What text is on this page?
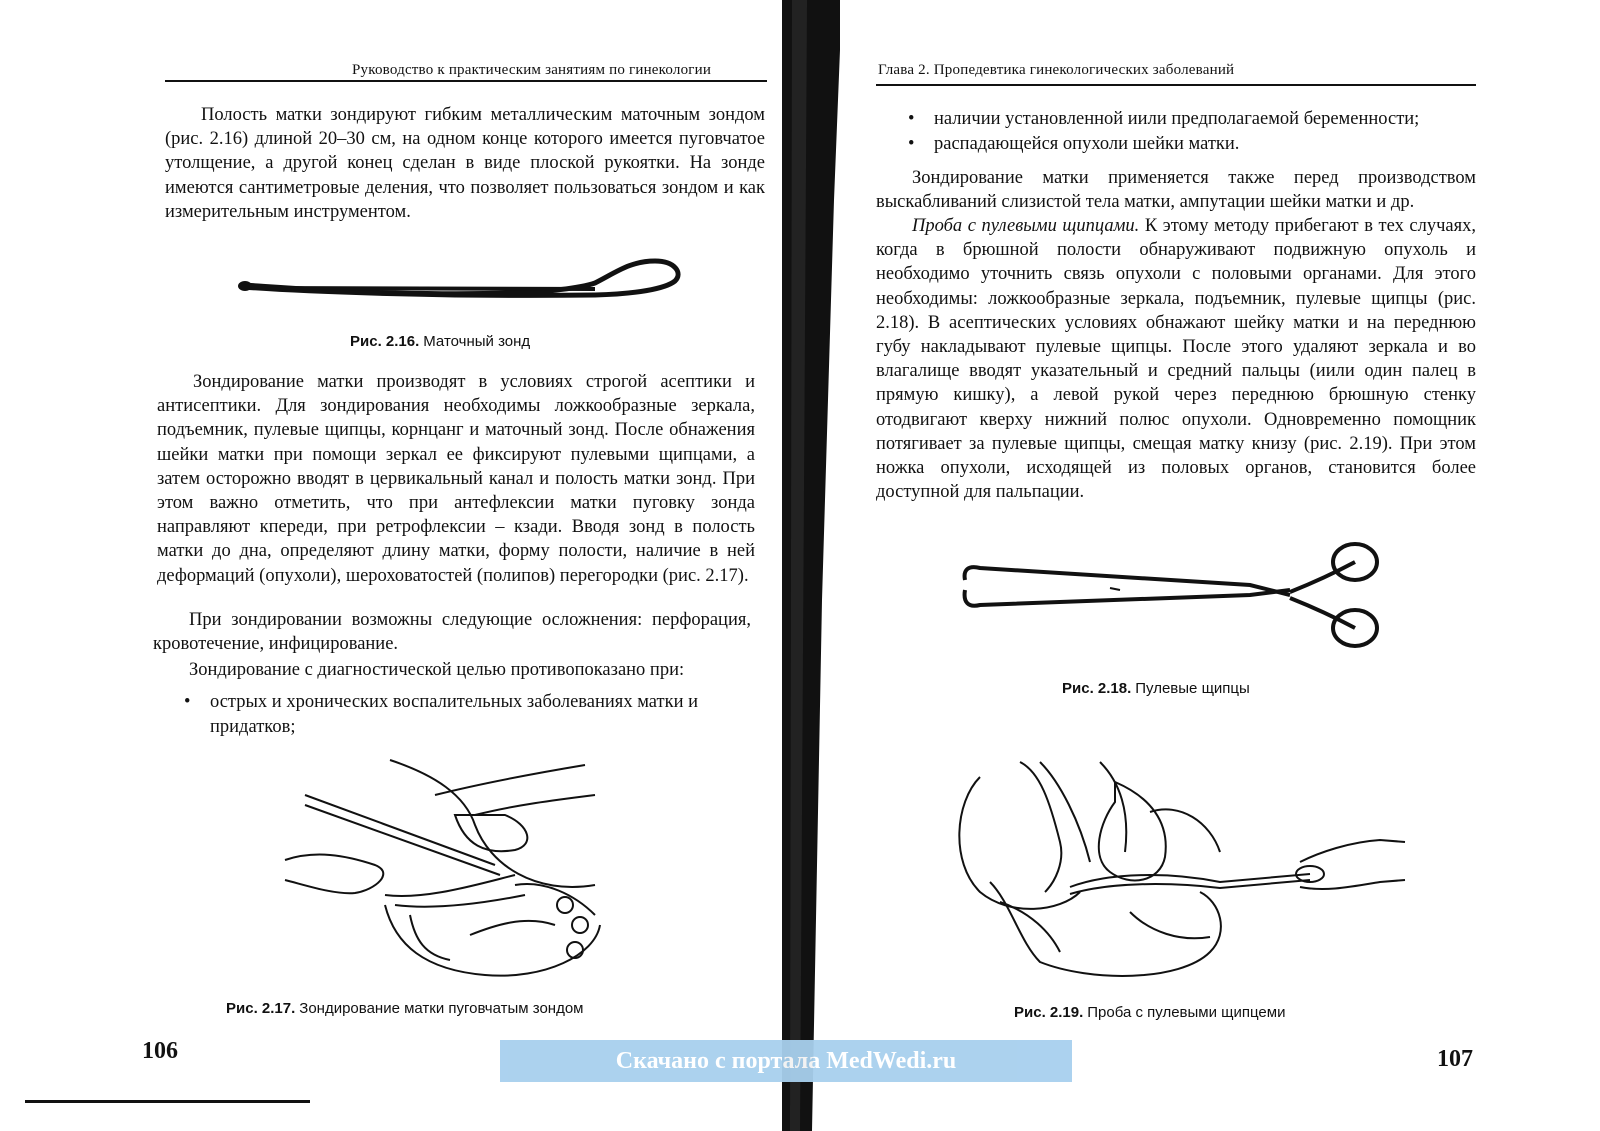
Руководство к практическим занятиям по гинекологии

Полость матки зондируют гибким металлическим маточным зондом (рис. 2.16) длиной 20–30 см, на одном конце которого имеется пуговчатое утолщение, а другой конец сделан в виде плоской рукоятки. На зонде имеются сантиметровые деления, что позволяет пользоваться зондом и как измерительным инструментом.

Рис. 2.16. Маточный зонд

Зондирование матки производят в условиях строгой асептики и антисептики. Для зондирования необходимы ложкообразные зеркала, подъемник, пулевые щипцы, корнцанг и маточный зонд. После обнажения шейки матки при помощи зеркал ее фиксируют пулевыми щипцами, а затем осторожно вводят в цервикальный канал и полость матки зонд. При этом важно отметить, что при антефлексии матки пуговку зонда направляют кпереди, при ретрофлексии – кзади. Вводя зонд в полость матки до дна, определяют длину матки, форму полости, наличие в ней деформаций (опухоли), шероховатостей (полипов) перегородки (рис. 2.17).

При зондировании возможны следующие осложнения: перфорация, кровотечение, инфицирование.

Зондирование с диагностической целью противопоказано при:

• острых и хронических воспалительных заболеваниях матки и придатков;
Рис. 2.17. Зондирование матки пуговчатым зондом
106
Глава 2. Пропедевтика гинекологических заболеваний
• наличии установленной иили предполагаемой беременности;
• распадающейся опухоли шейки матки.

Зондирование матки применяется также перед производством выскабливаний слизистой тела матки, ампутации шейки матки и др.

Проба с пулевыми щипцами. К этому методу прибегают в тех случаях, когда в брюшной полости обнаруживают подвижную опухоль и необходимо уточнить связь опухоли с половыми органами. Для этого необходимы: ложкообразные зеркала, подъемник, пулевые щипцы (рис. 2.18). В асептических условиях обнажают шейку матки и на переднюю губу накладывают пулевые щипцы. После этого удаляют зеркала и во влагалище вводят указательный и средний пальцы (иили один палец в прямую кишку), а левой рукой через переднюю брюшную стенку отодвигают кверху нижний полюс опухоли. Одновременно помощник потягивает за пулевые щипцы, смещая матку книзу (рис. 2.19). При этом ножка опухоли, исходящей из половых органов, становится более доступной для пальпации.

Рис. 2.18. Пулевые щипцы
Рис. 2.19. Проба с пулевыми щипцеми
107
Скачано с портала MedWedi.ru
